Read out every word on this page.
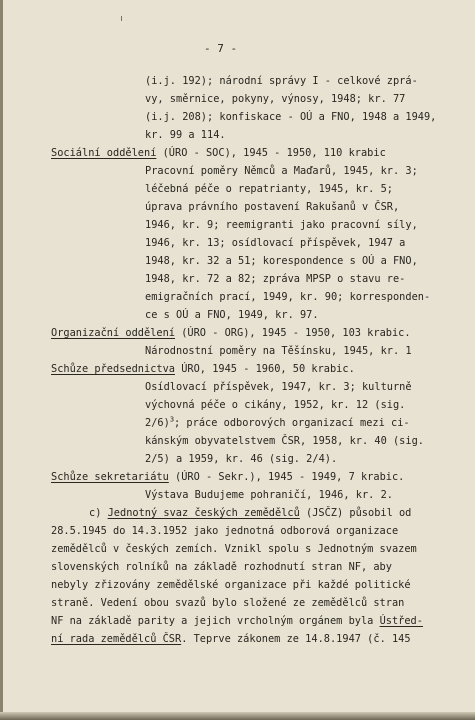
- 7 -
(i.j. 192); národní správy I - celkové zprá-
vy, směrnice, pokyny, výnosy, 1948; kr. 77
(i.j. 208); konfiskace - OÚ a FNO, 1948 a 1949,
kr. 99 a 114.
Sociální oddělení (ÚRO - SOC), 1945 - 1950, 110 krabic
Pracovní poměry Němců a Maďarů, 1945, kr. 3;
léčebná péče o repatrianty, 1945, kr. 5;
úprava právního postavení Rakušanů v ČSR,
1946, kr. 9; reemigranti jako pracovní síly,
1946, kr. 13; osídlovací příspěvek, 1947 a
1948, kr. 32 a 51; korespondence s OÚ a FNO,
1948, kr. 72 a 82; zpráva MPSP o stavu re-
emigračních prací, 1949, kr. 90; korresponden-
ce s OÚ a FNO, 1949, kr. 97.
Organizační oddělení (ÚRO - ORG), 1945 - 1950, 103 krabic.
Národnostní poměry na Těšínsku, 1945, kr. 1
Schůze předsednictva ÚRO, 1945 - 1960, 50 krabic.
Osídlovací příspěvek, 1947, kr. 3; kulturně
výchovná péče o cikány, 1952, kr. 12 (sig.
2/6)$^3$; práce odborových organizací mezi ci-
kánským obyvatelstvem ČSR, 1958, kr. 40 (sig.
2/5) a 1959, kr. 46 (sig. 2/4).
Schůze sekretariátu (ÚRO - Sekr.), 1945 - 1949, 7 krabic.
Výstava Budujeme pohraničí, 1946, kr. 2.
c) Jednotný svaz českých zemědělců (JSČZ) působil od
28.5.1945 do 14.3.1952 jako jednotná odborová organizace
zemědělců v českých zemích. Vznikl spolu s Jednotným svazem
slovenských rolníků na základě rozhodnutí stran NF, aby
nebyly zřizovány zemědělské organizace při každé politické
straně. Vedení obou svazů bylo složené ze zemědělců stran
NF na základě parity a jejich vrcholným orgánem byla Ústřed-
ní rada zemědělců ČSR. Teprve zákonem ze 14.8.1947 (č. 145
